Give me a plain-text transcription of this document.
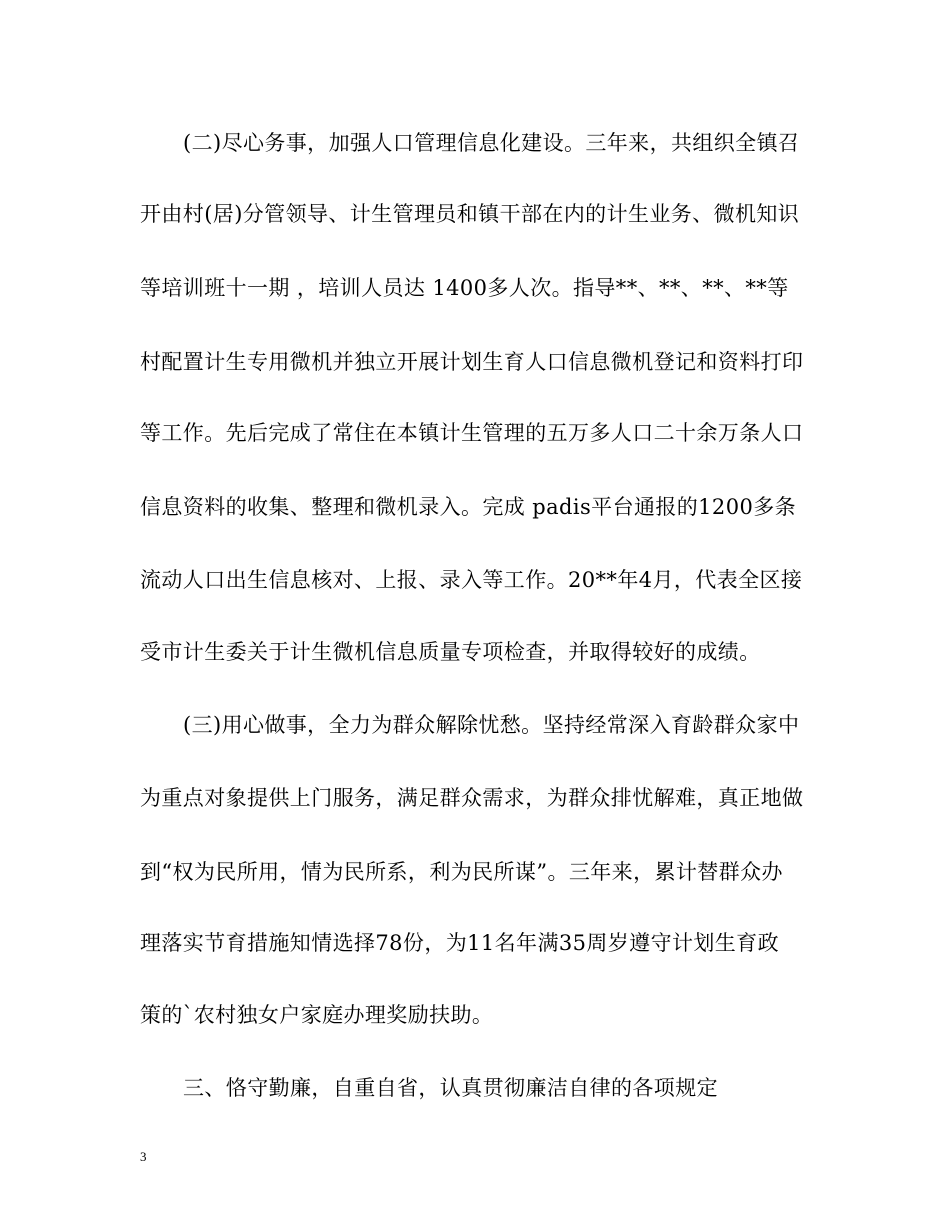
(二)尽心务事，加强人口管理信息化建设。三年来，共组织全镇召
开由村(居)分管领导、计生管理员和镇干部在内的计生业务、微机知识
等培训班十一期 ，培训人员达 1400多人次。指导**、**、**、**等
村配置计生专用微机并独立开展计划生育人口信息微机登记和资料打印
等工作。先后完成了常住在本镇计生管理的五万多人口二十余万条人口
信息资料的收集、整理和微机录入。完成 padis平台通报的1200多条
流动人口出生信息核对、上报、录入等工作。20**年4月，代表全区接
受市计生委关于计生微机信息质量专项检查，并取得较好的成绩。
(三)用心做事，全力为群众解除忧愁。坚持经常深入育龄群众家中
为重点对象提供上门服务，满足群众需求，为群众排忧解难，真正地做
到“权为民所用，情为民所系，利为民所谋”。三年来，累计替群众办
理落实节育措施知情选择78份，为11名年满35周岁遵守计划生育政
策的`农村独女户家庭办理奖励扶助。
三、恪守勤廉，自重自省，认真贯彻廉洁自律的各项规定
3
